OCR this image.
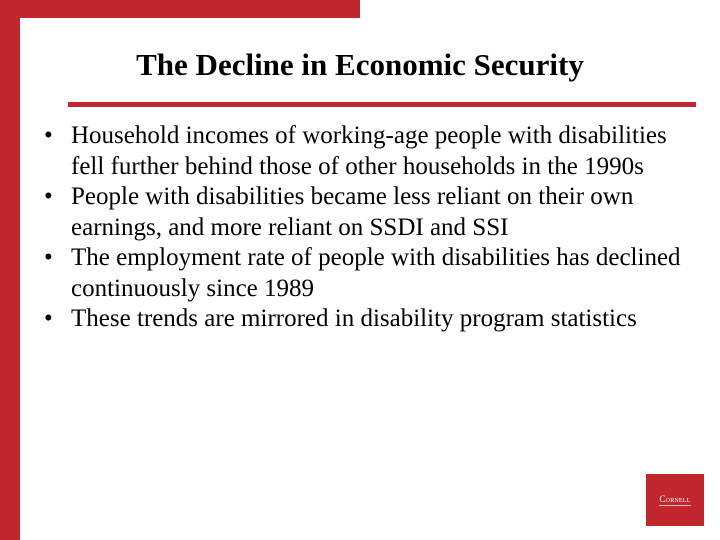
The Decline in Economic Security
• Household incomes of working-age people with disabilities fell further behind those of other households in the 1990s
• People with disabilities became less reliant on their own earnings, and more reliant on SSDI and SSI
• The employment rate of people with disabilities has declined continuously since 1989
• These trends are mirrored in disability program statistics
Cornell
